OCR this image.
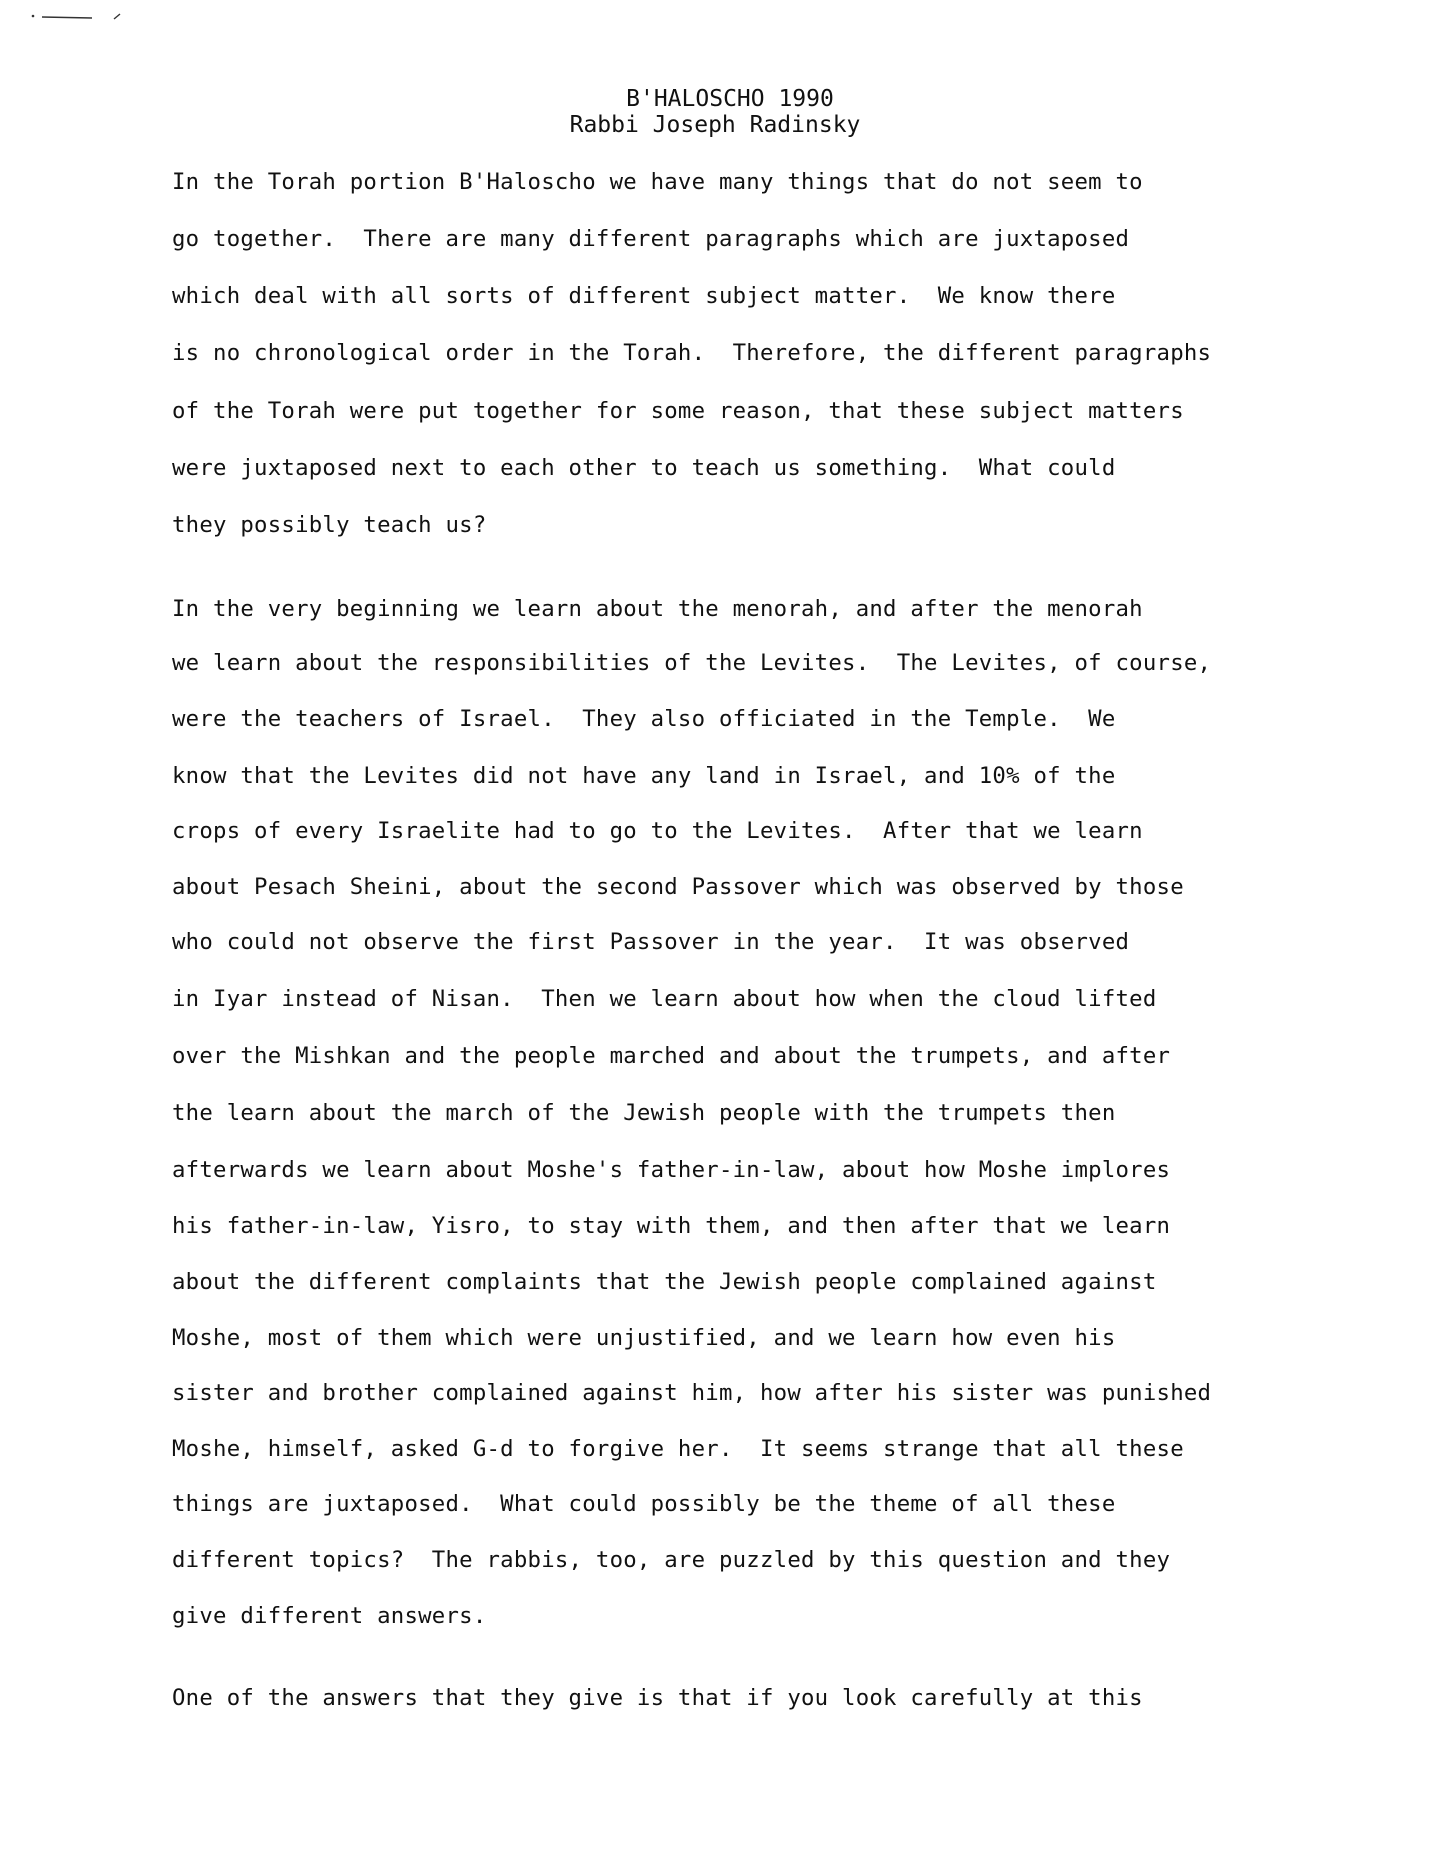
B'HALOSCHO 1990
Rabbi Joseph Radinsky
In the Torah portion B'Haloscho we have many things that do not seem to
go together.  There are many different paragraphs which are juxtaposed
which deal with all sorts of different subject matter.  We know there
is no chronological order in the Torah.  Therefore, the different paragraphs
of the Torah were put together for some reason, that these subject matters
were juxtaposed next to each other to teach us something.  What could
they possibly teach us?
In the very beginning we learn about the menorah, and after the menorah
we learn about the responsibilities of the Levites.  The Levites, of course,
were the teachers of Israel.  They also officiated in the Temple.  We
know that the Levites did not have any land in Israel, and 10% of the
crops of every Israelite had to go to the Levites.  After that we learn
about Pesach Sheini, about the second Passover which was observed by those
who could not observe the first Passover in the year.  It was observed
in Iyar instead of Nisan.  Then we learn about how when the cloud lifted
over the Mishkan and the people marched and about the trumpets, and after
the learn about the march of the Jewish people with the trumpets then
afterwards we learn about Moshe's father-in-law, about how Moshe implores
his father-in-law, Yisro, to stay with them, and then after that we learn
about the different complaints that the Jewish people complained against
Moshe, most of them which were unjustified, and we learn how even his
sister and brother complained against him, how after his sister was punished
Moshe, himself, asked G-d to forgive her.  It seems strange that all these
things are juxtaposed.  What could possibly be the theme of all these
different topics?  The rabbis, too, are puzzled by this question and they
give different answers.
One of the answers that they give is that if you look carefully at this
